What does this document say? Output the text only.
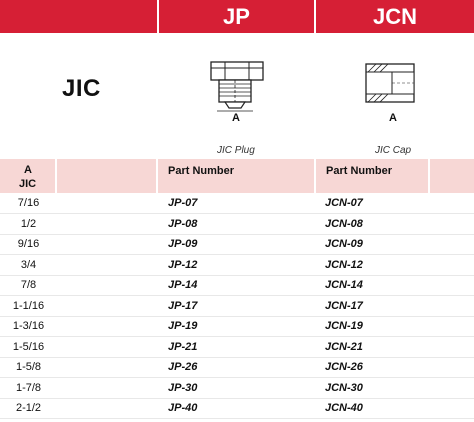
JP	JCN
JIC
A
JIC Plug
A
JIC Cap
A
JIC
Part Number	Part Number
7/16	JP-07	JCN-07
1/2	JP-08	JCN-08
9/16	JP-09	JCN-09
3/4	JP-12	JCN-12
7/8	JP-14	JCN-14
1-1/16	JP-17	JCN-17
1-3/16	JP-19	JCN-19
1-5/16	JP-21	JCN-21
1-5/8	JP-26	JCN-26
1-7/8	JP-30	JCN-30
2-1/2	JP-40	JCN-40
